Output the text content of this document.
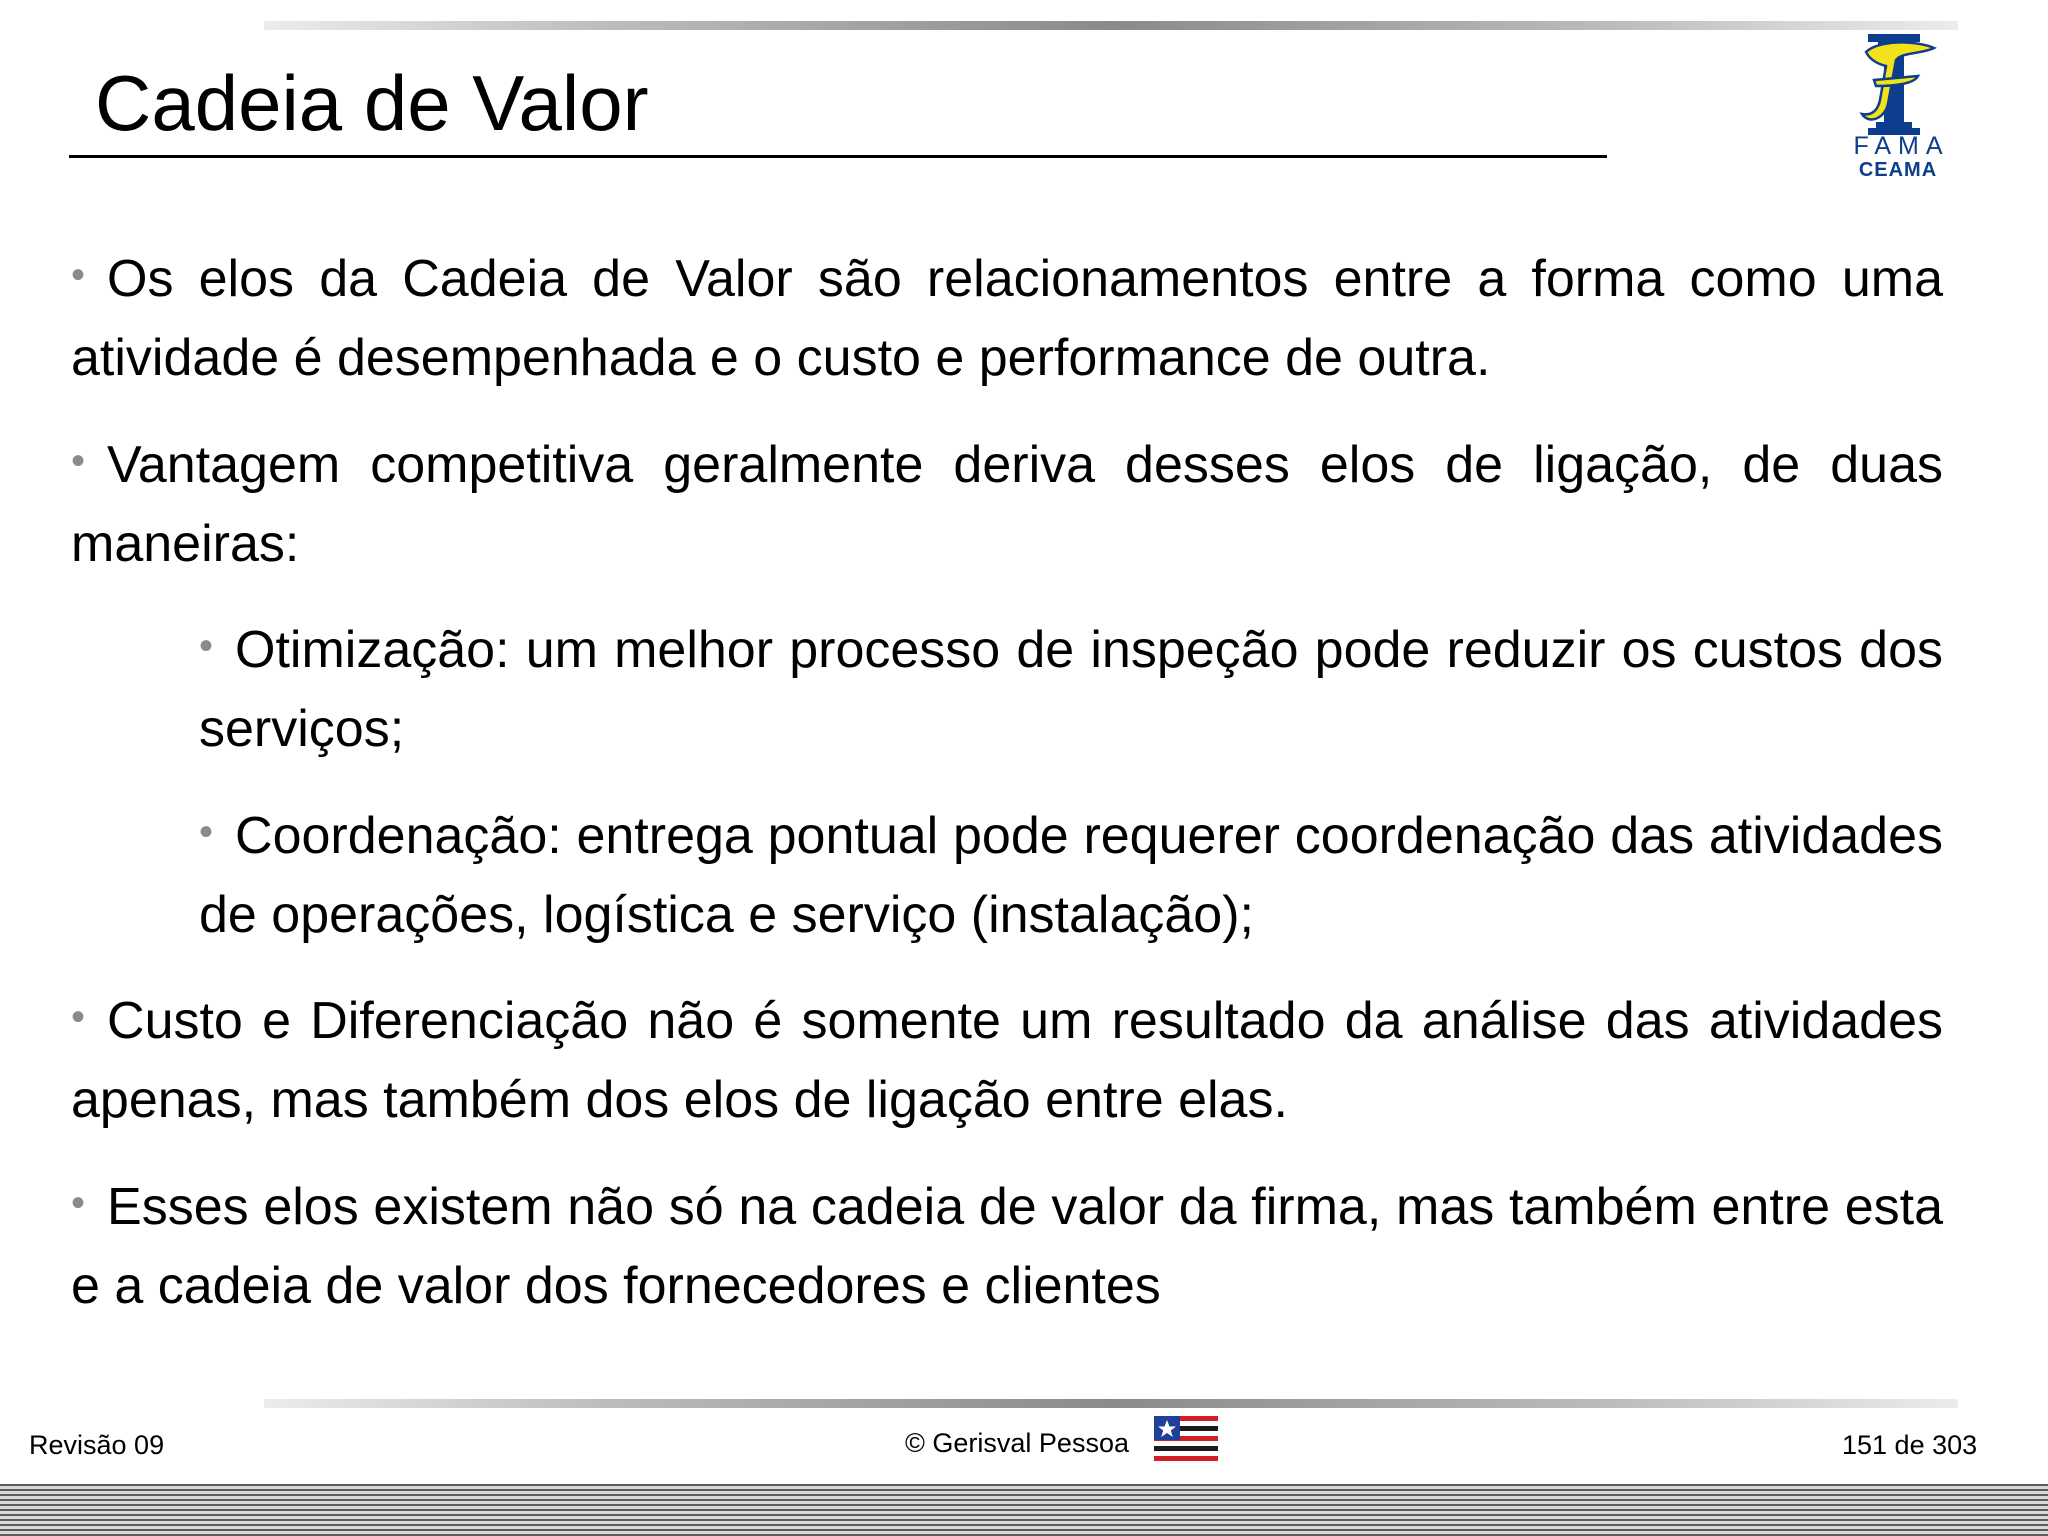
Cadeia de Valor	FAMA
CEAMA
• Os elos da Cadeia de Valor são relacionamentos entre a forma como uma atividade é desempenhada e o custo e performance de outra.
• Vantagem competitiva geralmente deriva desses elos de ligação, de duas maneiras:
• Otimização: um melhor processo de inspeção pode reduzir os custos dos serviços;
• Coordenação: entrega pontual pode requerer coordenação das atividades de operações, logística e serviço (instalação);
• Custo e Diferenciação não é somente um resultado da análise das atividades apenas, mas também dos elos de ligação entre elas.
• Esses elos existem não só na cadeia de valor da firma, mas também entre esta e a cadeia de valor dos fornecedores e clientes
Revisão 09	© Gerisval Pessoa	151 de 303
